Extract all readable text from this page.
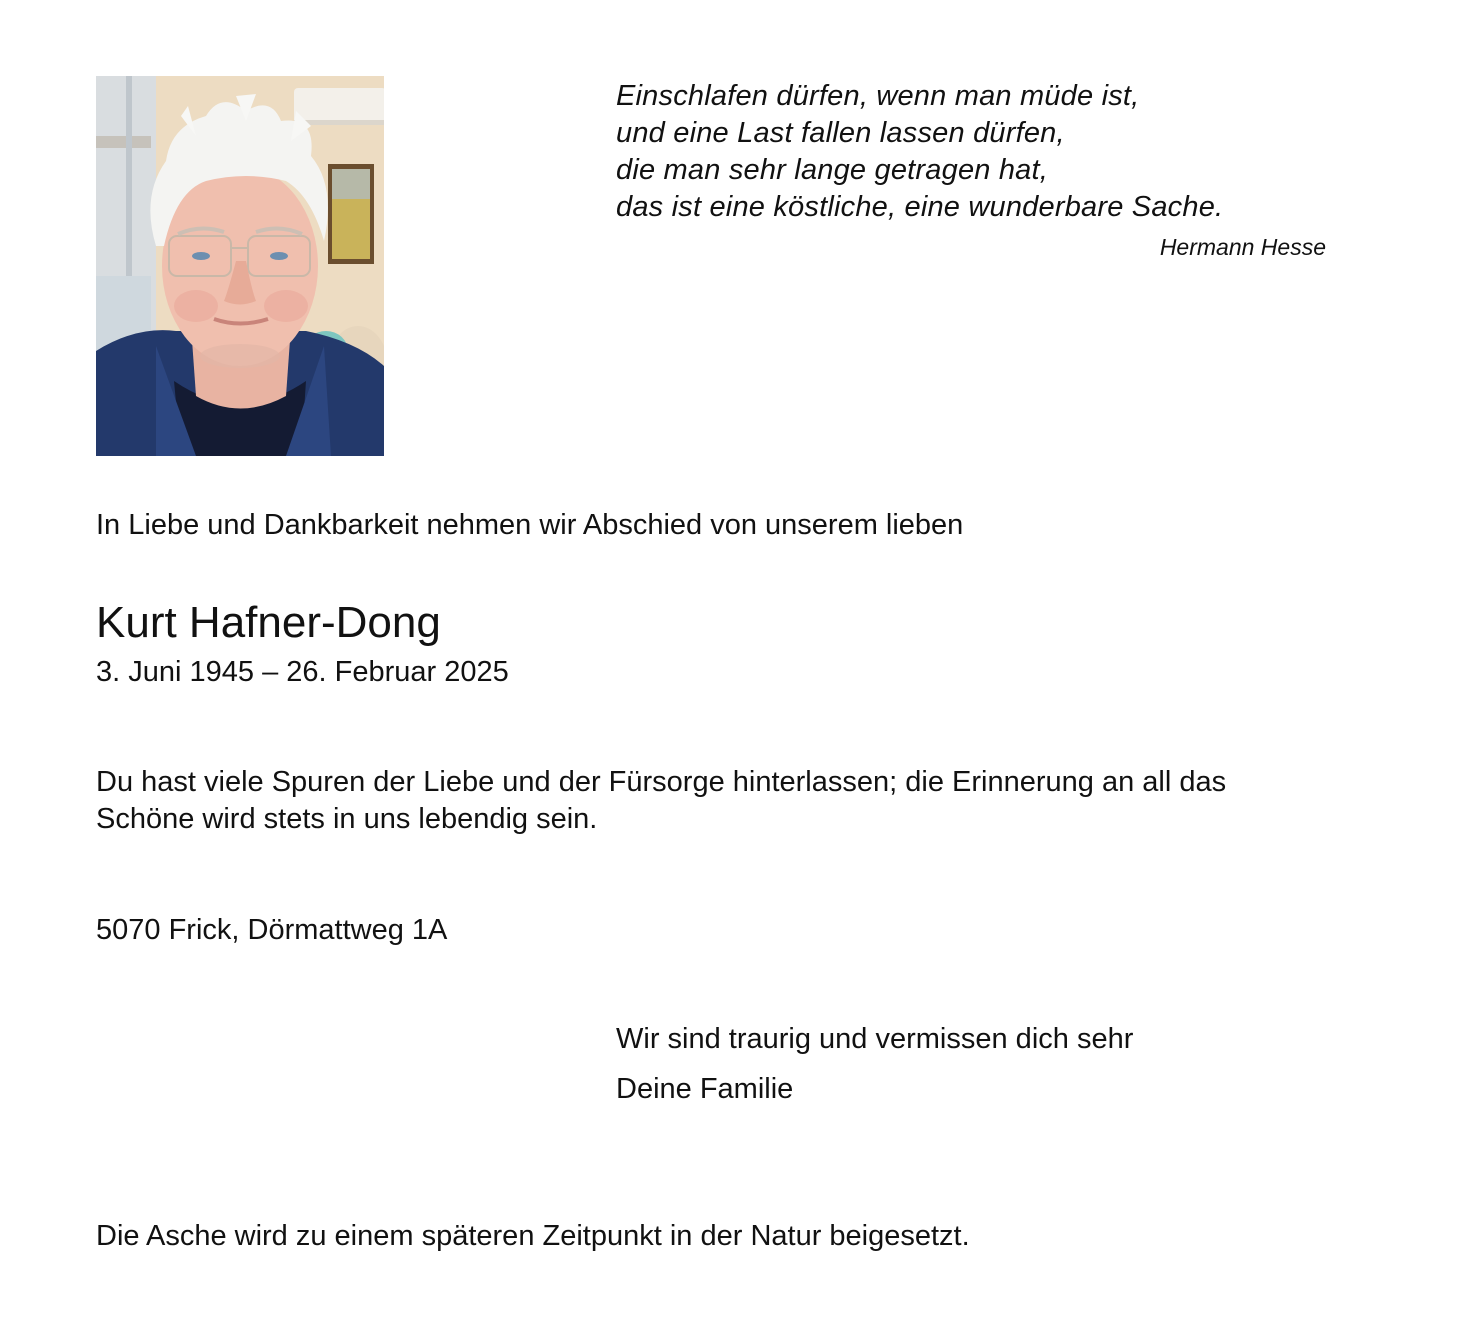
Einschlafen dürfen, wenn man müde ist,
und eine Last fallen lassen dürfen,
die man sehr lange getragen hat,
das ist eine köstliche, eine wunderbare Sache.
Hermann Hesse
In Liebe und Dankbarkeit nehmen wir Abschied von unserem lieben
Kurt Hafner-Dong
3. Juni 1945 – 26. Februar 2025
Du hast viele Spuren der Liebe und der Fürsorge hinterlassen; die Erinnerung an all das
Schöne wird stets in uns lebendig sein.
5070 Frick, Dörmattweg 1A
Wir sind traurig und vermissen dich sehr
Deine Familie
Die Asche wird zu einem späteren Zeitpunkt in der Natur beigesetzt.
